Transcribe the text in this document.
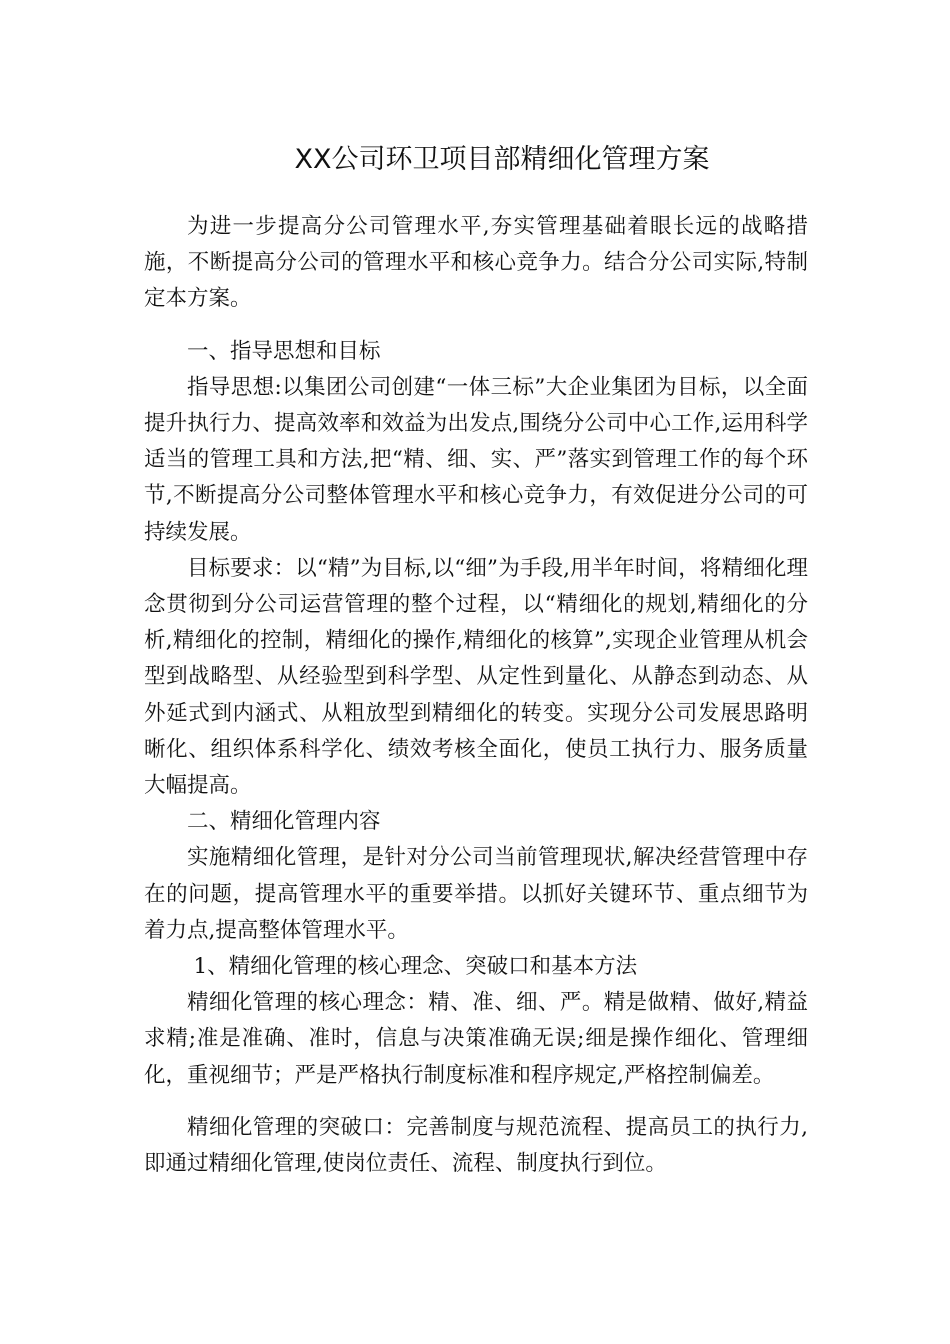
XX公司环卫项目部精细化管理方案

为进一步提高分公司管理水平,夯实管理基础着眼长远的战略措施，不断提高分公司的管理水平和核心竞争力。结合分公司实际,特制定本方案。

一、指导思想和目标

指导思想:以集团公司创建“一体三标”大企业集团为目标，以全面提升执行力、提高效率和效益为出发点,围绕分公司中心工作,运用科学适当的管理工具和方法,把“精、细、实、严”落实到管理工作的每个环节,不断提高分公司整体管理水平和核心竞争力，有效促进分公司的可持续发展。

目标要求：以“精”为目标,以“细”为手段,用半年时间，将精细化理念贯彻到分公司运营管理的整个过程，以“精细化的规划,精细化的分析,精细化的控制，精细化的操作,精细化的核算”,实现企业管理从机会型到战略型、从经验型到科学型、从定性到量化、从静态到动态、从外延式到内涵式、从粗放型到精细化的转变。实现分公司发展思路明晰化、组织体系科学化、绩效考核全面化，使员工执行力、服务质量大幅提高。

二、精细化管理内容

实施精细化管理，是针对分公司当前管理现状,解决经营管理中存在的问题，提高管理水平的重要举措。以抓好关键环节、重点细节为着力点,提高整体管理水平。

1、精细化管理的核心理念、突破口和基本方法

精细化管理的核心理念：精、准、细、严。精是做精、做好,精益求精;准是准确、准时，信息与决策准确无误;细是操作细化、管理细化，重视细节；严是严格执行制度标准和程序规定,严格控制偏差。

精细化管理的突破口：完善制度与规范流程、提高员工的执行力,即通过精细化管理,使岗位责任、流程、制度执行到位。
